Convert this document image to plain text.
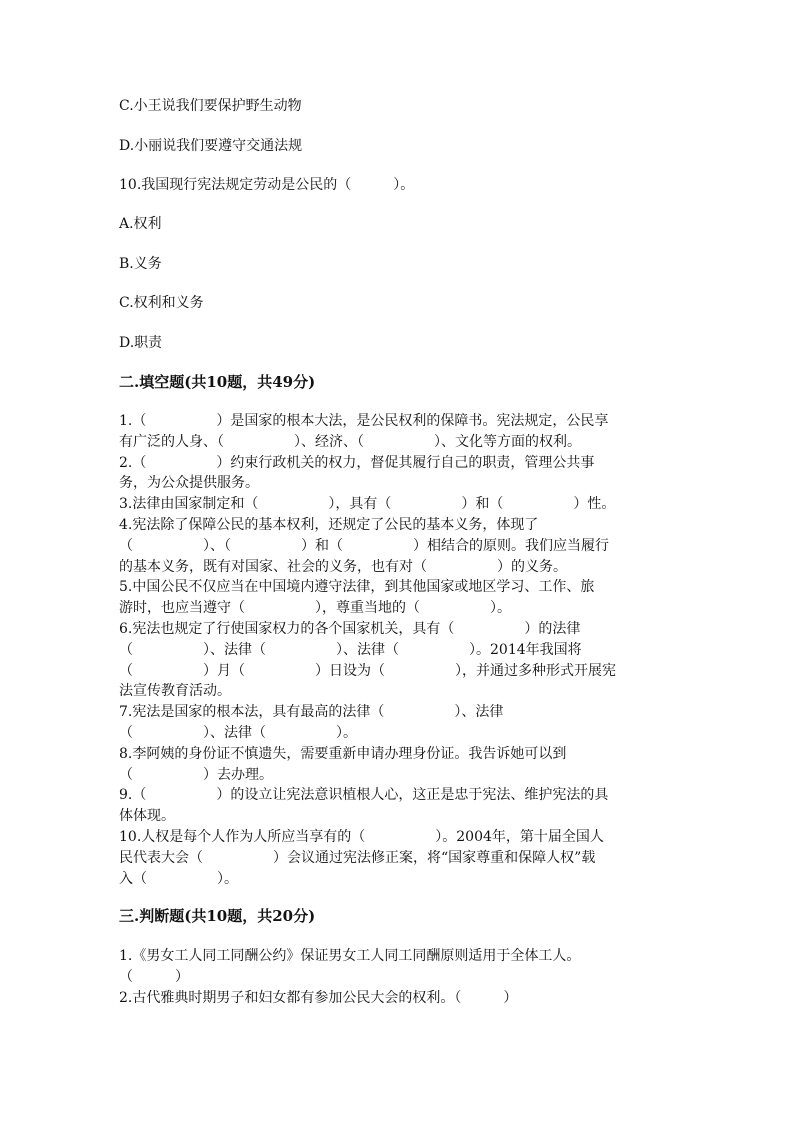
C.小王说我们要保护野生动物
D.小丽说我们要遵守交通法规
10.我国现行宪法规定劳动是公民的（　　　）。
A.权利
B.义务
C.权利和义务
D.职责
二.填空题(共10题，共49分)
1.（　　　　　）是国家的根本大法，是公民权利的保障书。宪法规定，公民享
有广泛的人身、（　　　　　）、经济、（　　　　　）、文化等方面的权利。
2.（　　　　　）约束行政机关的权力，督促其履行自己的职责，管理公共事
务，为公众提供服务。
3.法律由国家制定和（　　　　　），具有（　　　　　）和（　　　　　）性。
4.宪法除了保障公民的基本权利，还规定了公民的基本义务，体现了
（　　　　　）、（　　　　　）和（　　　　　）相结合的原则。我们应当履行
的基本义务，既有对国家、社会的义务，也有对（　　　　　）的义务。
5.中国公民不仅应当在中国境内遵守法律，到其他国家或地区学习、工作、旅
游时，也应当遵守（　　　　　），尊重当地的（　　　　　）。
6.宪法也规定了行使国家权力的各个国家机关，具有（　　　　　）的法律
（　　　　　）、法律（　　　　　）、法律（　　　　　）。2014年我国将
（　　　　　）月（　　　　　）日设为（　　　　　），并通过多种形式开展宪
法宣传教育活动。
7.宪法是国家的根本法，具有最高的法律（　　　　　）、法律
（　　　　　）、法律（　　　　　）。
8.李阿姨的身份证不慎遗失，需要重新申请办理身份证。我告诉她可以到
（　　　　　）去办理。
9.（　　　　　）的设立让宪法意识植根人心，这正是忠于宪法、维护宪法的具
体体现。
10.人权是每个人作为人所应当享有的（　　　　　）。2004年，第十届全国人
民代表大会（　　　　　）会议通过宪法修正案，将“国家尊重和保障人权”载
入（　　　　　）。
三.判断题(共10题，共20分)
1.《男女工人同工同酬公约》保证男女工人同工同酬原则适用于全体工人。
（　　　）
2.古代雅典时期男子和妇女都有参加公民大会的权利。（　　　）
